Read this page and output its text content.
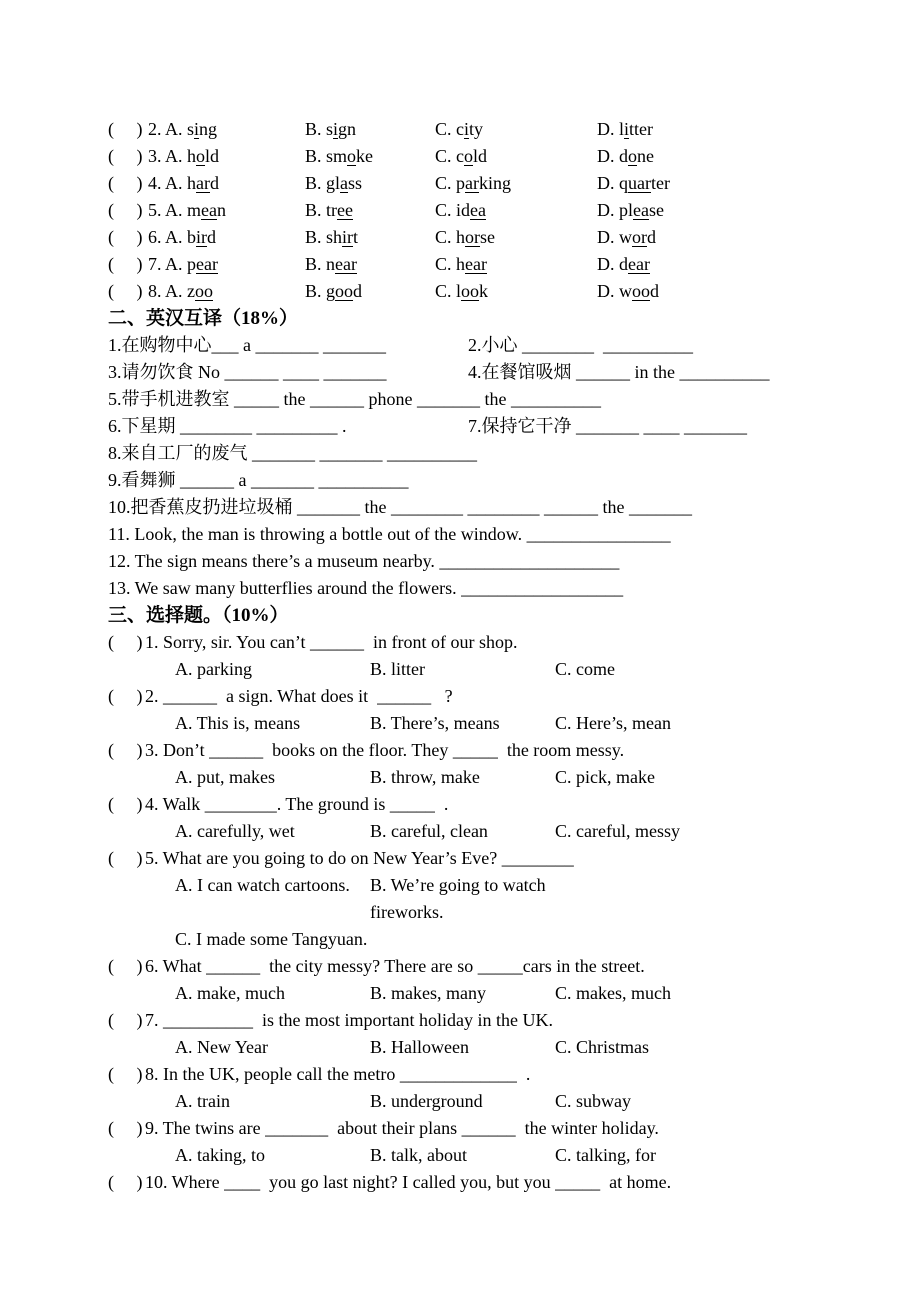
(     ) 2. A. sing	B. sign	C. city	D. litter
(     ) 3. A. hold	B. smoke	C. cold	D. done
(     ) 4. A. hard	B. glass	C. parking	D. quarter
(     ) 5. A. mean	B. tree	C. idea	D. please
(     ) 6. A. bird	B. shirt	C. horse	D. word
(     ) 7. A. pear	B. near	C. hear	D. dear
(     ) 8. A. zoo	B. good	C. look	D. wood
二、英汉互译（18%）
1.在购物中心___ a _______ _______	2.小心 ________  __________
3.请勿饮食 No ______ ____ _______	4.在餐馆吸烟 ______ in the __________
5.带手机进教室 _____ the ______ phone _______ the __________
6.下星期 ________ _________ .	7.保持它干净 _______ ____ _______
8.来自工厂的废气 _______ _______ __________
9.看舞狮 ______ a _______ __________
10.把香蕉皮扔进垃圾桶 _______ the ________ ________ ______ the _______
11. Look, the man is throwing a bottle out of the window. ________________
12. The sign means there’s a museum nearby. ____________________
13. We saw many butterflies around the flowers. __________________
三、选择题。（10%）
(     ) 1. Sorry, sir. You can’t ______  in front of our shop.
A. parking	B. litter	C. come
(     ) 2. ______  a sign. What does it  ______   ?
A. This is, means	B. There’s, means	C. Here’s, mean
(     ) 3. Don’t ______  books on the floor. They _____  the room messy.
A. put, makes	B. throw, make	C. pick, make
(     ) 4. Walk ________. The ground is _____  .
A. carefully, wet	B. careful, clean	C. careful, messy
(     ) 5. What are you going to do on New Year’s Eve? ________
A. I can watch cartoons.	B. We’re going to watch fireworks.
C. I made some Tangyuan.
(     ) 6. What ______  the city messy? There are so _____cars in the street.
A. make, much	B. makes, many	C. makes, much
(     ) 7. __________  is the most important holiday in the UK.
A. New Year	B. Halloween	C. Christmas
(     ) 8. In the UK, people call the metro _____________  .
A. train	B. underground	C. subway
(     ) 9. The twins are _______  about their plans ______  the winter holiday.
A. taking, to	B. talk, about	C. talking, for
(     ) 10. Where ____  you go last night? I called you, but you _____  at home.
